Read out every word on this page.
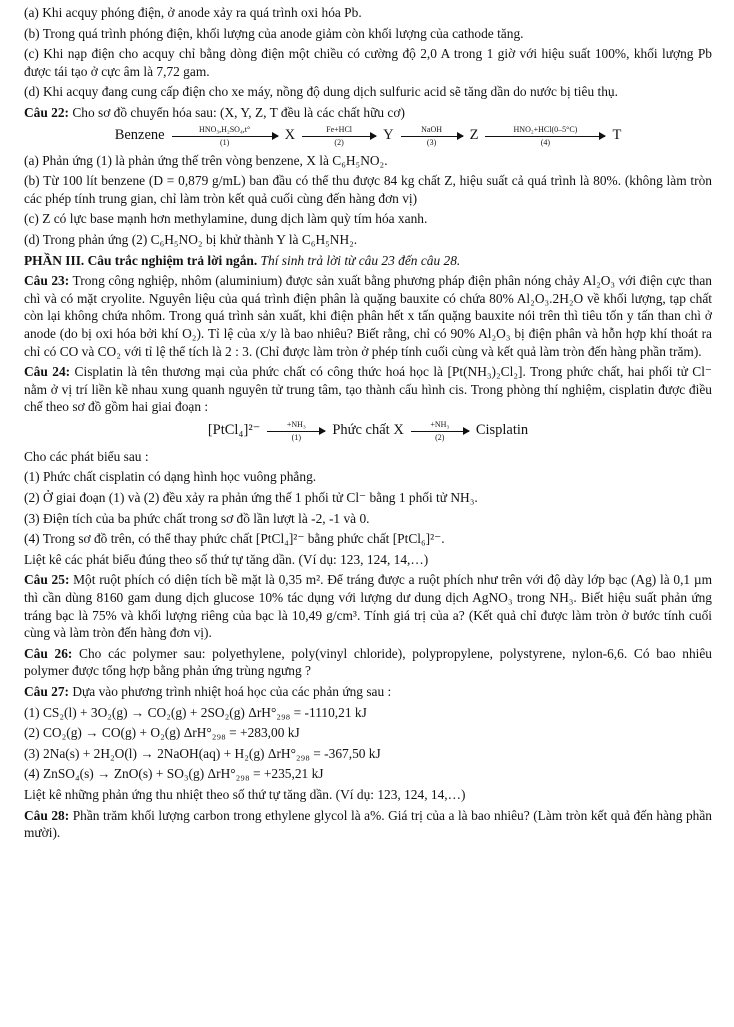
(a) Khi acquy phóng điện, ở anode xảy ra quá trình oxi hóa Pb.

(b) Trong quá trình phóng điện, khối lượng của anode giảm còn khối lượng của cathode tăng.

(c) Khi nạp điện cho acquy chỉ bằng dòng điện một chiều có cường độ 2,0 A trong 1 giờ với hiệu suất 100%, khối lượng Pb được tái tạo ở cực âm là 7,72 gam.

(d) Khi acquy đang cung cấp điện cho xe máy, nồng độ dung dịch sulfuric acid sẽ tăng dần do nước bị tiêu thụ.

Câu 22: Cho sơ đồ chuyển hóa sau: (X, Y, Z, T đều là các chất hữu cơ)

Benzene	HNO₃,H₂SO₄,t°
(1)	X	Fe+HCl
(2)	Y	NaOH
(3)	Z	HNO₂+HCl(0–5°C)
(4)	T

(a) Phản ứng (1) là phản ứng thế trên vòng benzene, X là C₆H₅NO₂.

(b) Từ 100 lít benzene (D = 0,879 g/mL) ban đầu có thể thu được 84 kg chất Z, hiệu suất cả quá trình là 80%. (không làm tròn các phép tính trung gian, chỉ làm tròn kết quả cuối cùng đến hàng đơn vị)

(c) Z có lực base mạnh hơn methylamine, dung dịch làm quỳ tím hóa xanh.

(d) Trong phản ứng (2) C₆H₅NO₂ bị khử thành Y là C₆H₅NH₂.

PHẦN III. Câu trắc nghiệm trả lời ngắn. Thí sinh trả lời từ câu 23 đến câu 28.

Câu 23: Trong công nghiệp, nhôm (aluminium) được sản xuất bằng phương pháp điện phân nóng chảy Al₂O₃ với điện cực than chì và có mặt cryolite. Nguyên liệu của quá trình điện phân là quặng bauxite có chứa 80% Al₂O₃.2H₂O về khối lượng, tạp chất còn lại không chứa nhôm. Trong quá trình sản xuất, khi điện phân hết x tấn quặng bauxite nói trên thì tiêu tốn y tấn than chì ở anode (do bị oxi hóa bởi khí O₂). Tỉ lệ của x/y là bao nhiêu? Biết rằng, chỉ có 90% Al₂O₃ bị điện phân và hỗn hợp khí thoát ra chỉ có CO và CO₂ với tỉ lệ thể tích là 2 : 3. (Chỉ được làm tròn ở phép tính cuối cùng và kết quả làm tròn đến hàng phần trăm).

Câu 24: Cisplatin là tên thương mại của phức chất có công thức hoá học là [Pt(NH₃)₂Cl₂]. Trong phức chất, hai phối tử Cl⁻ nằm ở vị trí liền kề nhau xung quanh nguyên tử trung tâm, tạo thành cấu hình cis. Trong phòng thí nghiệm, cisplatin được điều chế theo sơ đồ gồm hai giai đoạn :

[PtCl₄]²⁻	+NH₃
(1)	Phức chất X	+NH₃
(2)	Cisplatin

Cho các phát biểu sau :

(1) Phức chất cisplatin có dạng hình học vuông phẳng.

(2) Ở giai đoạn (1) và (2) đều xảy ra phản ứng thế 1 phối tử Cl⁻ bằng 1 phối tử NH₃.

(3) Điện tích của ba phức chất trong sơ đồ lần lượt là -2, -1 và 0.

(4) Trong sơ đồ trên, có thể thay phức chất [PtCl₄]²⁻ bằng phức chất [PtCl₆]²⁻.

Liệt kê các phát biểu đúng theo số thứ tự tăng dần. (Ví dụ: 123, 124, 14,…)

Câu 25: Một ruột phích có diện tích bề mặt là 0,35 m². Để tráng được a ruột phích như trên với độ dày lớp bạc (Ag) là 0,1 µm thì cần dùng 8160 gam dung dịch glucose 10% tác dụng với lượng dư dung dịch AgNO₃ trong NH₃. Biết hiệu suất phản ứng tráng bạc là 75% và khối lượng riêng của bạc là 10,49 g/cm³. Tính giá trị của a? (Kết quả chỉ được làm tròn ở bước tính cuối cùng và làm tròn đến hàng đơn vị).

Câu 26: Cho các polymer sau: polyethylene, poly(vinyl chloride), polypropylene, polystyrene, nylon-6,6. Có bao nhiêu polymer được tổng hợp bằng phản ứng trùng ngưng ?

Câu 27: Dựa vào phương trình nhiệt hoá học của các phản ứng sau :

(1) CS₂(l) + 3O₂(g) → CO₂(g) + 2SO₂(g) ΔrH°₂₉₈ = -1110,21 kJ

(2) CO₂(g) → CO(g) + O₂(g) ΔrH°₂₉₈ = +283,00 kJ

(3) 2Na(s) + 2H₂O(l) → 2NaOH(aq) + H₂(g) ΔrH°₂₉₈ = -367,50 kJ

(4) ZnSO₄(s) → ZnO(s) + SO₃(g) ΔrH°₂₉₈ = +235,21 kJ

Liệt kê những phản ứng thu nhiệt theo số thứ tự tăng dần. (Ví dụ: 123, 124, 14,…)

Câu 28: Phần trăm khối lượng carbon trong ethylene glycol là a%. Giá trị của a là bao nhiêu? (Làm tròn kết quả đến hàng phần mười).
